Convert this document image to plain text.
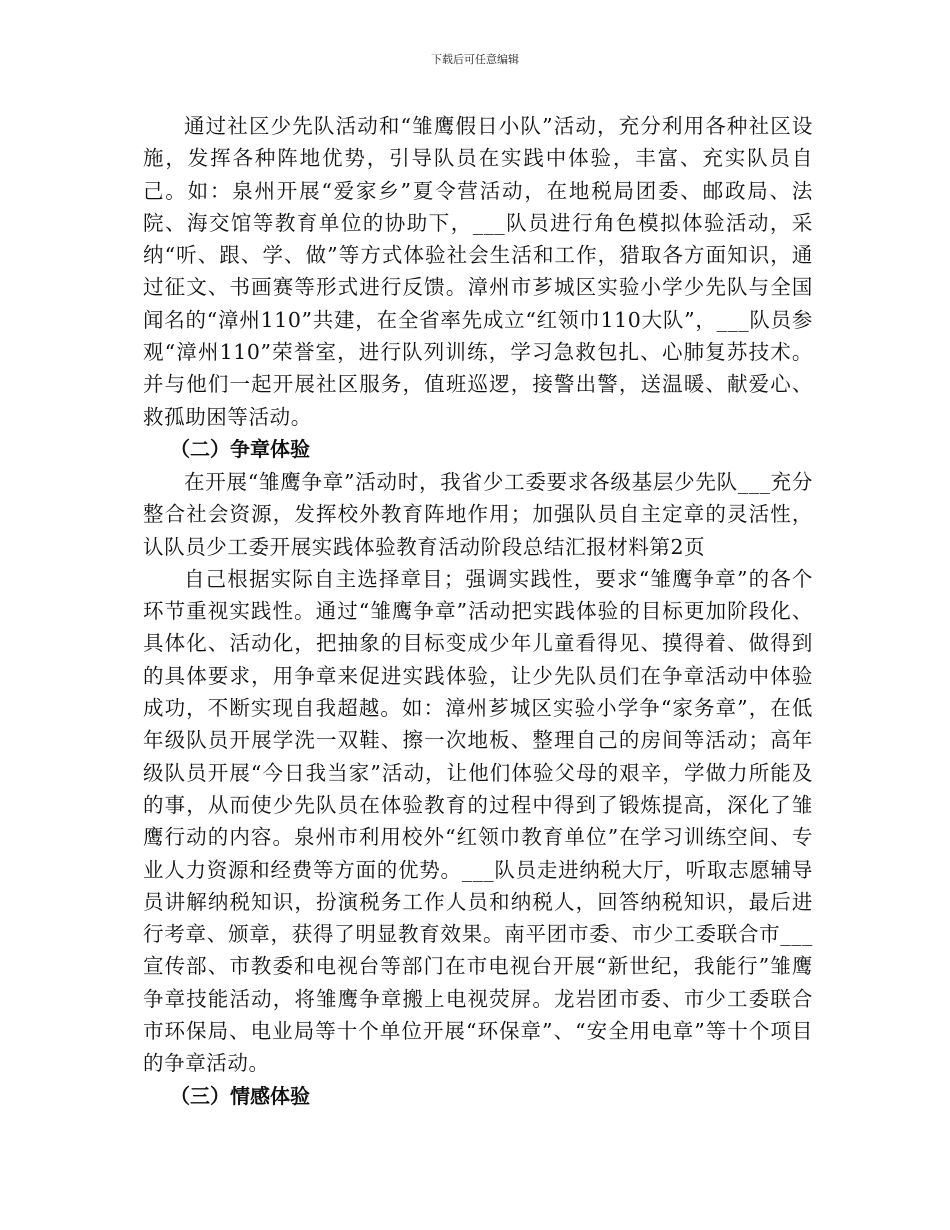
下载后可任意编辑

通过社区少先队活动和“雏鹰假日小队”活动，充分利用各种社区设施，发挥各种阵地优势，引导队员在实践中体验，丰富、充实队员自己。如：泉州开展“爱家乡”夏令营活动，在地税局团委、邮政局、法院、海交馆等教育单位的协助下，___队员进行角色模拟体验活动，采纳“听、跟、学、做”等方式体验社会生活和工作，猎取各方面知识，通过征文、书画赛等形式进行反馈。漳州市芗城区实验小学少先队与全国闻名的“漳州110”共建，在全省率先成立“红领巾110大队”，___队员参观“漳州110”荣誉室，进行队列训练，学习急救包扎、心肺复苏技术。并与他们一起开展社区服务，值班巡逻，接警出警，送温暖、献爱心、救孤助困等活动。

（二）争章体验

在开展“雏鹰争章”活动时，我省少工委要求各级基层少先队___充分整合社会资源，发挥校外教育阵地作用；加强队员自主定章的灵活性，认队员少工委开展实践体验教育活动阶段总结汇报材料第2页

自己根据实际自主选择章目；强调实践性，要求“雏鹰争章”的各个环节重视实践性。通过“雏鹰争章”活动把实践体验的目标更加阶段化、具体化、活动化，把抽象的目标变成少年儿童看得见、摸得着、做得到的具体要求，用争章来促进实践体验，让少先队员们在争章活动中体验成功，不断实现自我超越。如：漳州芗城区实验小学争“家务章”，在低年级队员开展学洗一双鞋、擦一次地板、整理自己的房间等活动；高年级队员开展“今日我当家”活动，让他们体验父母的艰辛，学做力所能及的事，从而使少先队员在体验教育的过程中得到了锻炼提高，深化了雏鹰行动的内容。泉州市利用校外“红领巾教育单位”在学习训练空间、专业人力资源和经费等方面的优势。___队员走进纳税大厅，听取志愿辅导员讲解纳税知识，扮演税务工作人员和纳税人，回答纳税知识，最后进行考章、颁章，获得了明显教育效果。南平团市委、市少工委联合市___宣传部、市教委和电视台等部门在市电视台开展“新世纪，我能行”雏鹰争章技能活动，将雏鹰争章搬上电视荧屏。龙岩团市委、市少工委联合市环保局、电业局等十个单位开展“环保章”、“安全用电章”等十个项目的争章活动。

（三）情感体验
